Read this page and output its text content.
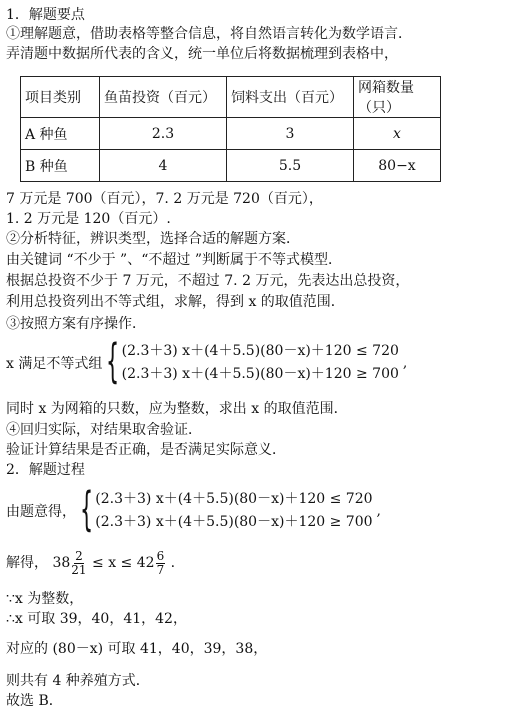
1．解题要点
①理解题意，借助表格等整合信息，将自然语言转化为数学语言．
弄清题中数据所代表的含义，统一单位后将数据梳理到表格中，
项目类别	鱼苗投资（百元）	饲料支出（百元）	网箱数量（只）
A 种鱼	2.3	3	x
B 种鱼	4	5.5	80−x
7 万元是 700（百元），7. 2 万元是 720（百元），
1. 2 万元是 120（百元）.
②分析特征，辨识类型，选择合适的解题方案．
由关键词 “不少于 ”、“不超过 ”判断属于不等式模型．
根据总投资不少于 7 万元，不超过 7. 2 万元，先表达出总投资，
利用总投资列出不等式组，求解，得到 x 的取值范围．
③按照方案有序操作．
x 满足不等式组 { (2.3＋3) x＋(4＋5.5)(80－x)＋120 ≤ 720
(2.3＋3) x＋(4＋5.5)(80－x)＋120 ≥ 700
,
同时 x 为网箱的只数，应为整数，求出 x 的取值范围．
④回归实际，对结果取舍验证．
验证计算结果是否正确，是否满足实际意义．
2．解题过程
由题意得， { (2.3＋3) x＋(4＋5.5)(80－x)＋120 ≤ 720
(2.3＋3) x＋(4＋5.5)(80－x)＋120 ≥ 700
,
解得， $38 \frac{2}{21} \le x \le 42 \frac{6}{7}$ .
∵x 为整数，
∴x 可取 39，40，41，42，
对应的 (80－x) 可取 41，40，39，38，
则共有 4 种养殖方式．
故选 B．
